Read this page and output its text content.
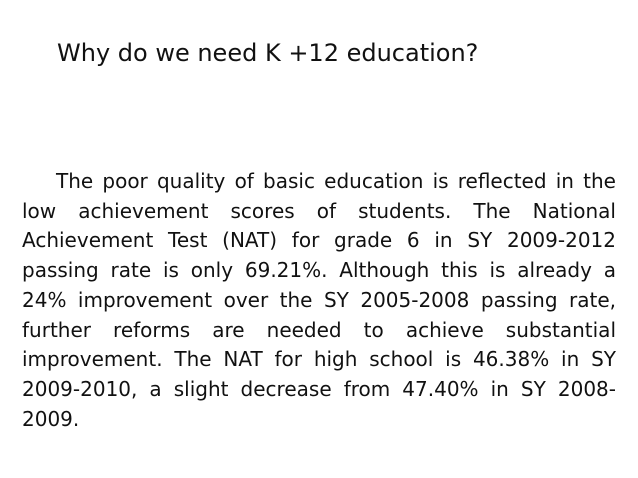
Why do we need K +12 education?

The poor quality of basic education is reflected in the low achievement scores of students. The National Achievement Test (NAT) for grade 6 in SY 2009-2012 passing rate is only 69.21%. Although this is already a 24% improvement over the SY 2005-2008 passing rate, further reforms are needed to achieve substantial improvement. The NAT for high school is 46.38% in SY 2009-2010, a slight decrease from 47.40% in SY 2008-2009.
